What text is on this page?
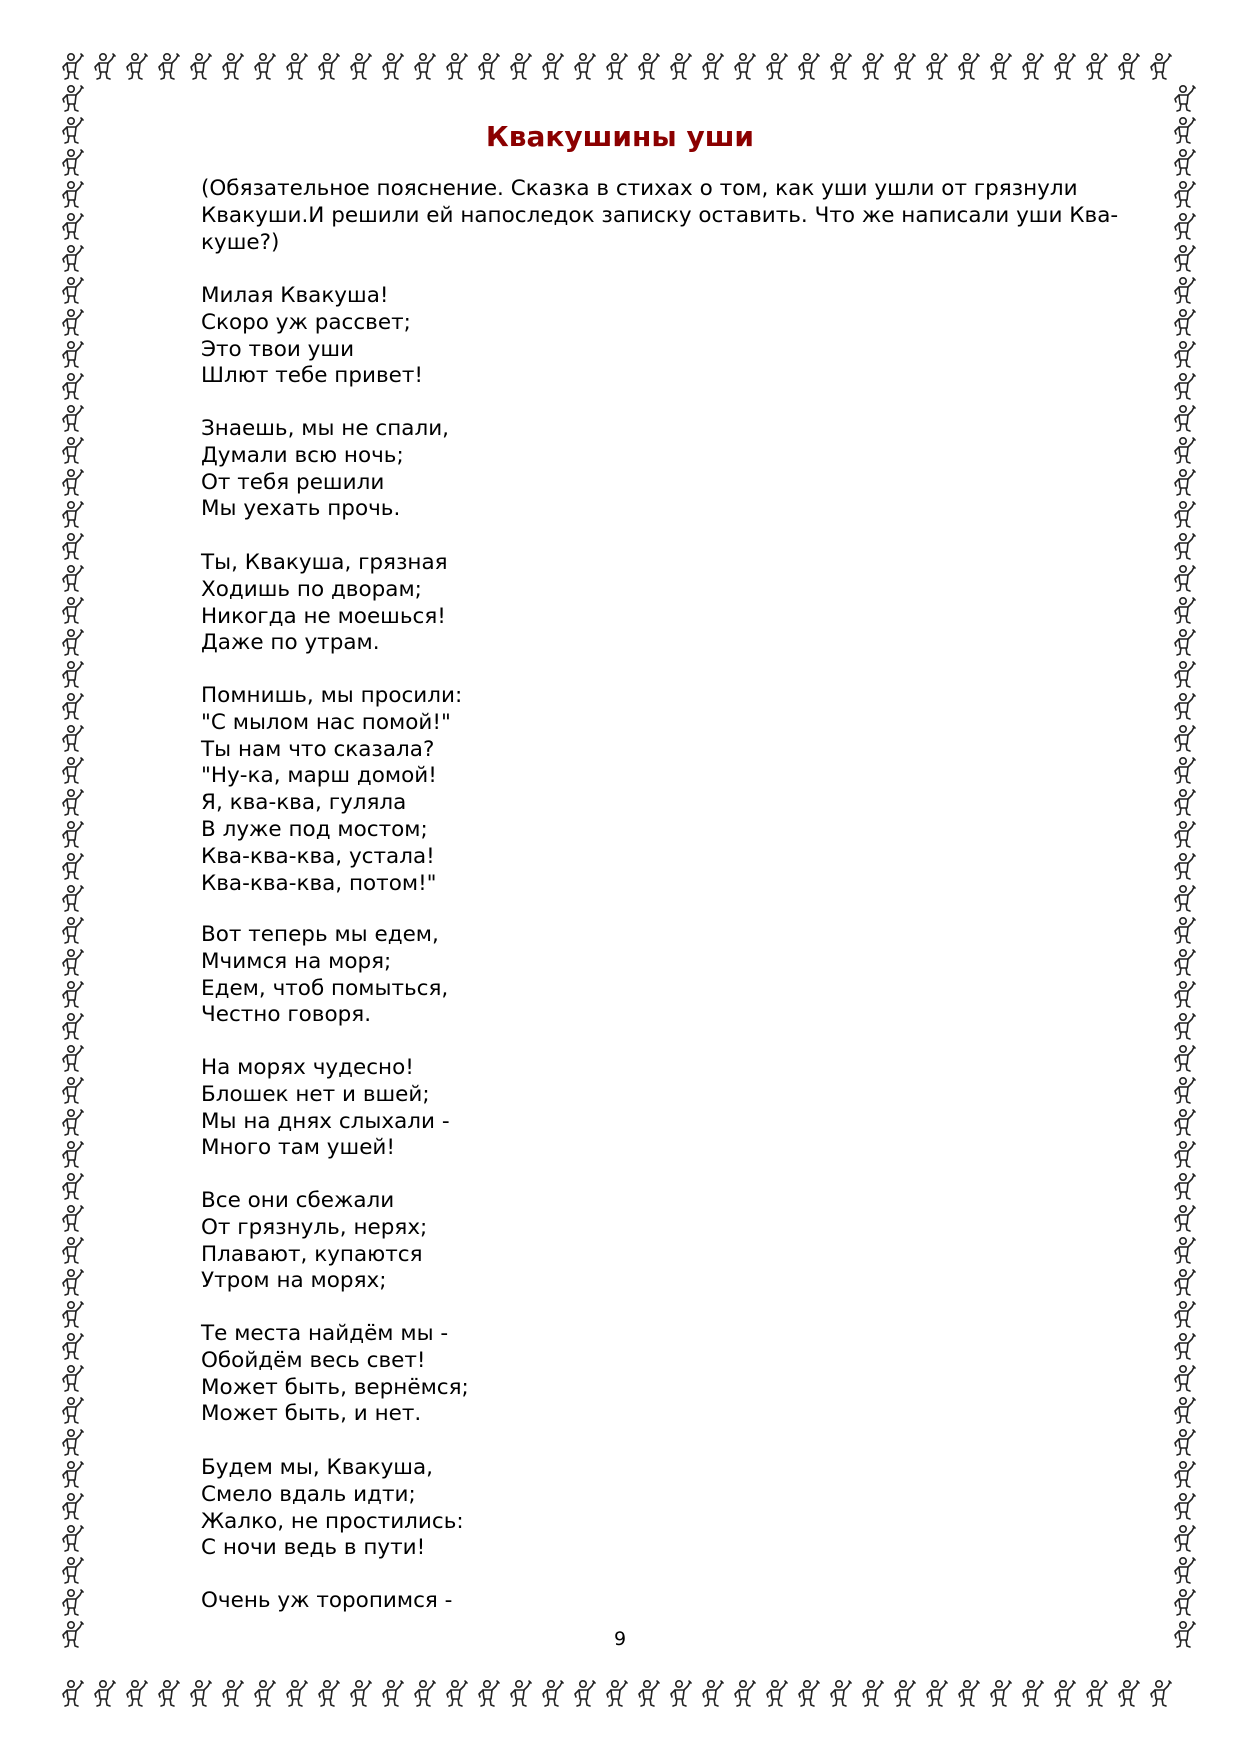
Квакушины уши
(Обязательное пояснение. Сказка в стихах о том, как уши ушли от грязнули
Квакуши.И решили ей напоследок записку оставить. Что же написали уши Ква-
куше?)
Милая Квакуша!
Скоро уж рассвет;
Это твои уши
Шлют тебе привет!
Знаешь, мы не спали,
Думали всю ночь;
От тебя решили
Мы уехать прочь.
Ты, Квакуша, грязная
Ходишь по дворам;
Никогда не моешься!
Даже по утрам.
Помнишь, мы просили:
"С мылом нас помой!"
Ты нам что сказала?
"Ну-ка, марш домой!
Я, ква-ква, гуляла
В луже под мостом;
Ква-ква-ква, устала!
Ква-ква-ква, потом!"
Вот теперь мы едем,
Мчимся на моря;
Едем, чтоб помыться,
Честно говоря.
На морях чудесно!
Блошек нет и вшей;
Мы на днях слыхали -
Много там ушей!
Все они сбежали
От грязнуль, нерях;
Плавают, купаются
Утром на морях;
Те места найдём мы -
Обойдём весь свет!
Может быть, вернёмся;
Может быть, и нет.
Будем мы, Квакуша,
Смело вдаль идти;
Жалко, не простились:
С ночи ведь в пути!
Очень уж торопимся -
9
